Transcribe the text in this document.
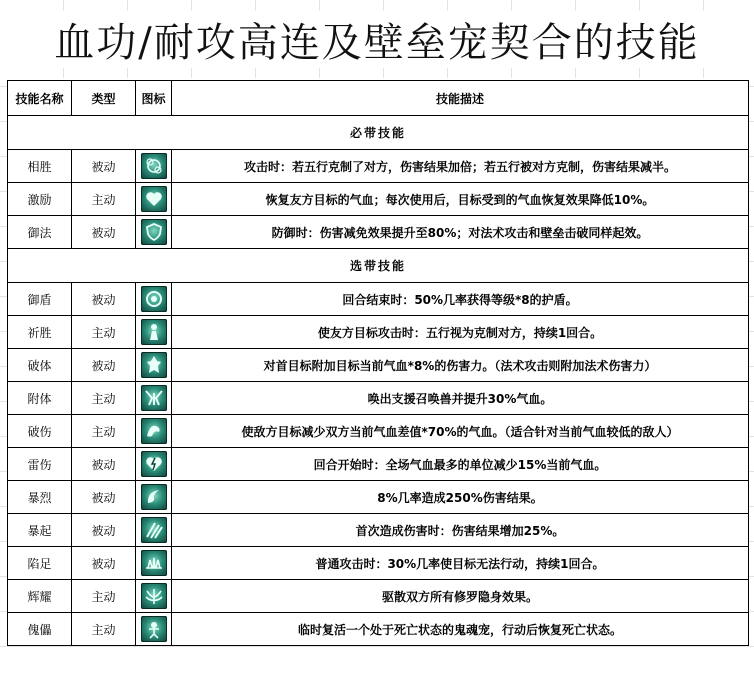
血功/耐攻高连及壁垒宠契合的技能
技能名称	类型	图标	技能描述
必带技能			
相胜	被动		攻击时：若五行克制了对方，伤害结果加倍；若五行被对方克制，伤害结果减半。
激励	主动		恢复友方目标的气血；每次使用后，目标受到的气血恢复效果降低10%。
御法	被动		防御时：伤害减免效果提升至80%；对法术攻击和壁垒击破同样起效。
选带技能			
御盾	被动		回合结束时：50%几率获得等级*8的护盾。
祈胜	主动		使友方目标攻击时：五行视为克制对方，持续1回合。
破体	被动		对首目标附加目标当前气血*8%的伤害力。（法术攻击则附加法术伤害力）
附体	主动		唤出支援召唤兽并提升30%气血。
破伤	主动		使敌方目标减少双方当前气血差值*70%的气血。（适合针对当前气血较低的敌人）
雷伤	被动		回合开始时：全场气血最多的单位减少15%当前气血。
暴烈	被动		8%几率造成250%伤害结果。
暴起	被动		首次造成伤害时：伤害结果增加25%。
陷足	被动		普通攻击时：30%几率使目标无法行动，持续1回合。
辉耀	主动		驱散双方所有修罗隐身效果。
傀儡	主动		临时复活一个处于死亡状态的鬼魂宠，行动后恢复死亡状态。
